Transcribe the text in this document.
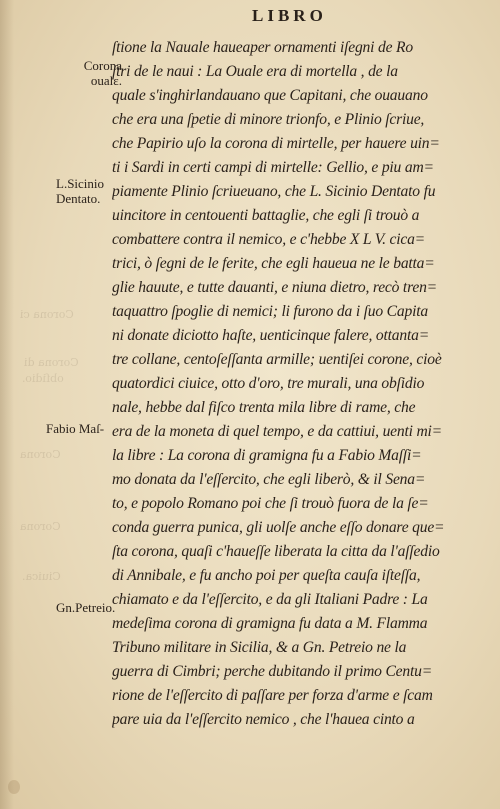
Corona ci
Corona di
obſidio.
Corona
Corona
Ciuica.
LIBRO
Corona
oualε.
L.Sicinio
Dentato.
Fabio Maſ-
Gn.Petreio.
ſtione la Nauale haueaper ornamenti iſegni de Ro
ſtri de le naui : La Ouale era di mortella , de la
quale s'inghirlandauano que Capitani, che ouauano
che era una ſpetie di minore trionfo, e Plinio ſcriue,
che Papirio uſo la corona di mirtelle, per hauere uin=
ti i Sardi in certi campi di mirtelle: Gellio, e piu am=
piamente Plinio ſcriueuano, che L. Sicinio Dentato fu
uincitore in centouenti battaglie, che egli ſi trouò a
combattere contra il nemico, e c'hebbe X L V. cica=
trici, ò ſegni de le ferite, che egli haueua ne le batta=
glie hauute, e tutte dauanti, e niuna dietro, recò tren=
taquattro ſpoglie di nemici; li furono da i ſuo Capita
ni donate diciotto haſte, uenticinque falere, ottanta=
tre collane, centoſeſſanta armille; uentiſei corone, cioè
quatordici ciuice, otto d'oro, tre murali, una obſidio
nale, hebbe dal fiſco trenta mila libre di rame, che
era de la moneta di quel tempo, e da cattiui, uenti mi=
la libre : La corona di gramigna fu a Fabio Maſſi=
mo donata da l'eſſercito, che egli liberò, & il Sena=
to, e popolo Romano poi che ſi trouò fuora de la ſe=
conda guerra punica, gli uolſe anche eſſo donare que=
ſta corona, quaſi c'haueſſe liberata la citta da l'aſſedio
di Annibale, e fu ancho poi per queſta cauſa iſteſſa,
chiamato e da l'eſſercito, e da gli Italiani Padre : La
medeſima corona di gramigna fu data a M. Flamma
Tribuno militare in Sicilia, & a Gn. Petreio ne la
guerra di Cimbri; perche dubitando il primo Centu=
rione de l'eſſercito di paſſare per forza d'arme e ſcam
pare uia da l'eſſercito nemico , che l'hauea cinto a
